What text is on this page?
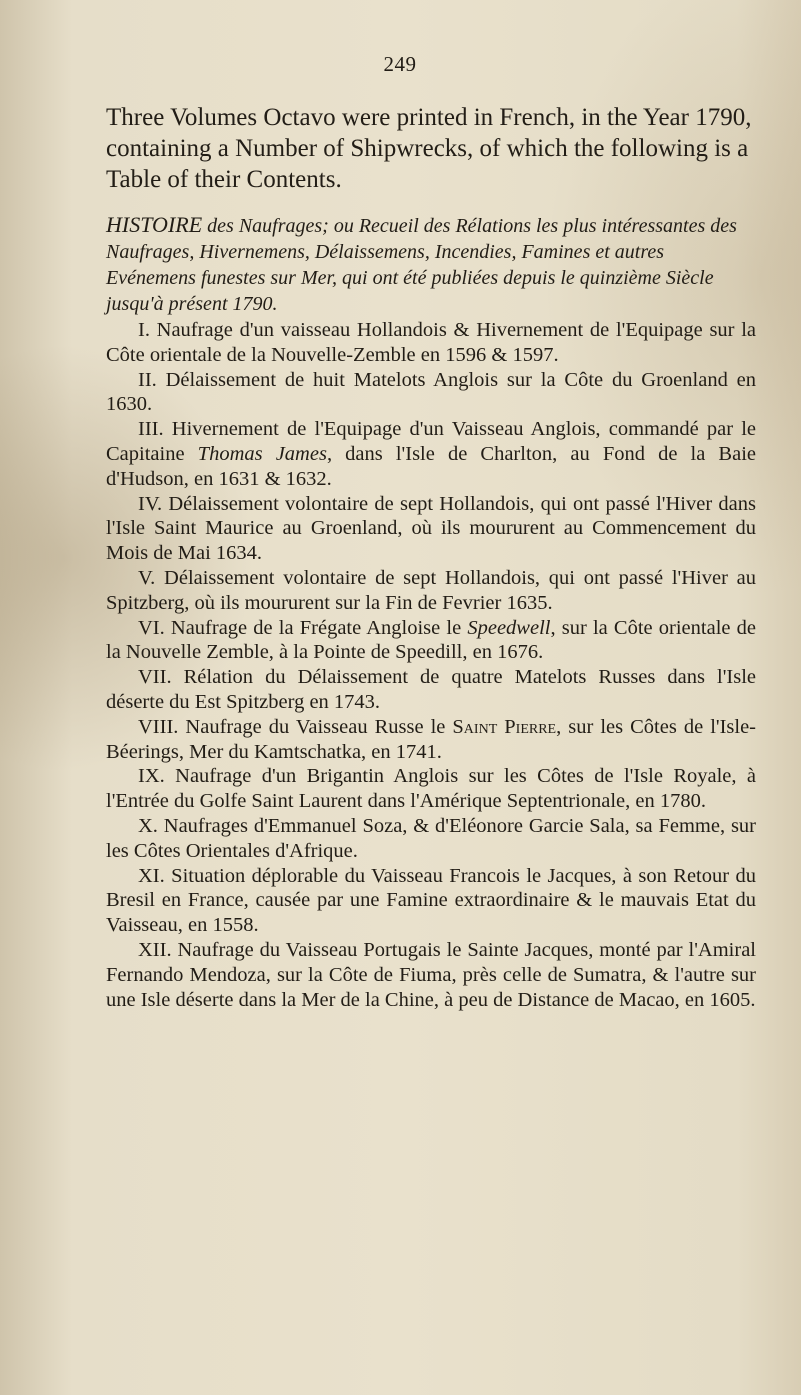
249

Three Volumes Octavo were printed in French, in the Year 1790, containing a Number of Shipwrecks, of which the following is a Table of their Contents.

HISTOIRE des Naufrages; ou Recueil des Rélations les plus intéressantes des Naufrages, Hivernemens, Délaissemens, Incendies, Famines et autres Evénemens funestes sur Mer, qui ont été publiées depuis le quinzième Siècle jusqu'à présent 1790.

I. Naufrage d'un vaisseau Hollandois & Hivernement de l'Equipage sur la Côte orientale de la Nouvelle-Zemble en 1596 & 1597.

II. Délaissement de huit Matelots Anglois sur la Côte du Groenland en 1630.

III. Hivernement de l'Equipage d'un Vaisseau Anglois, commandé par le Capitaine Thomas James, dans l'Isle de Charlton, au Fond de la Baie d'Hudson, en 1631 & 1632.

IV. Délaissement volontaire de sept Hollandois, qui ont passé l'Hiver dans l'Isle Saint Maurice au Groenland, où ils moururent au Commencement du Mois de Mai 1634.

V. Délaissement volontaire de sept Hollandois, qui ont passé l'Hiver au Spitzberg, où ils moururent sur la Fin de Fevrier 1635.

VI. Naufrage de la Frégate Angloise le Speedwell, sur la Côte orientale de la Nouvelle Zemble, à la Pointe de Speedill, en 1676.

VII. Rélation du Délaissement de quatre Matelots Russes dans l'Isle déserte du Est Spitzberg en 1743.

VIII. Naufrage du Vaisseau Russe le Saint Pierre, sur les Côtes de l'Isle-Béerings, Mer du Kamtschatka, en 1741.

IX. Naufrage d'un Brigantin Anglois sur les Côtes de l'Isle Royale, à l'Entrée du Golfe Saint Laurent dans l'Amérique Septentrionale, en 1780.

X. Naufrages d'Emmanuel Soza, & d'Eléonore Garcie Sala, sa Femme, sur les Côtes Orientales d'Afrique.

XI. Situation déplorable du Vaisseau Francois le Jacques, à son Retour du Bresil en France, causée par une Famine extraordinaire & le mauvais Etat du Vaisseau, en 1558.

XII. Naufrage du Vaisseau Portugais le Sainte Jacques, monté par l'Amiral Fernando Mendoza, sur la Côte de Fiuma, près celle de Sumatra, & l'autre sur une Isle déserte dans la Mer de la Chine, à peu de Distance de Macao, en 1605.
